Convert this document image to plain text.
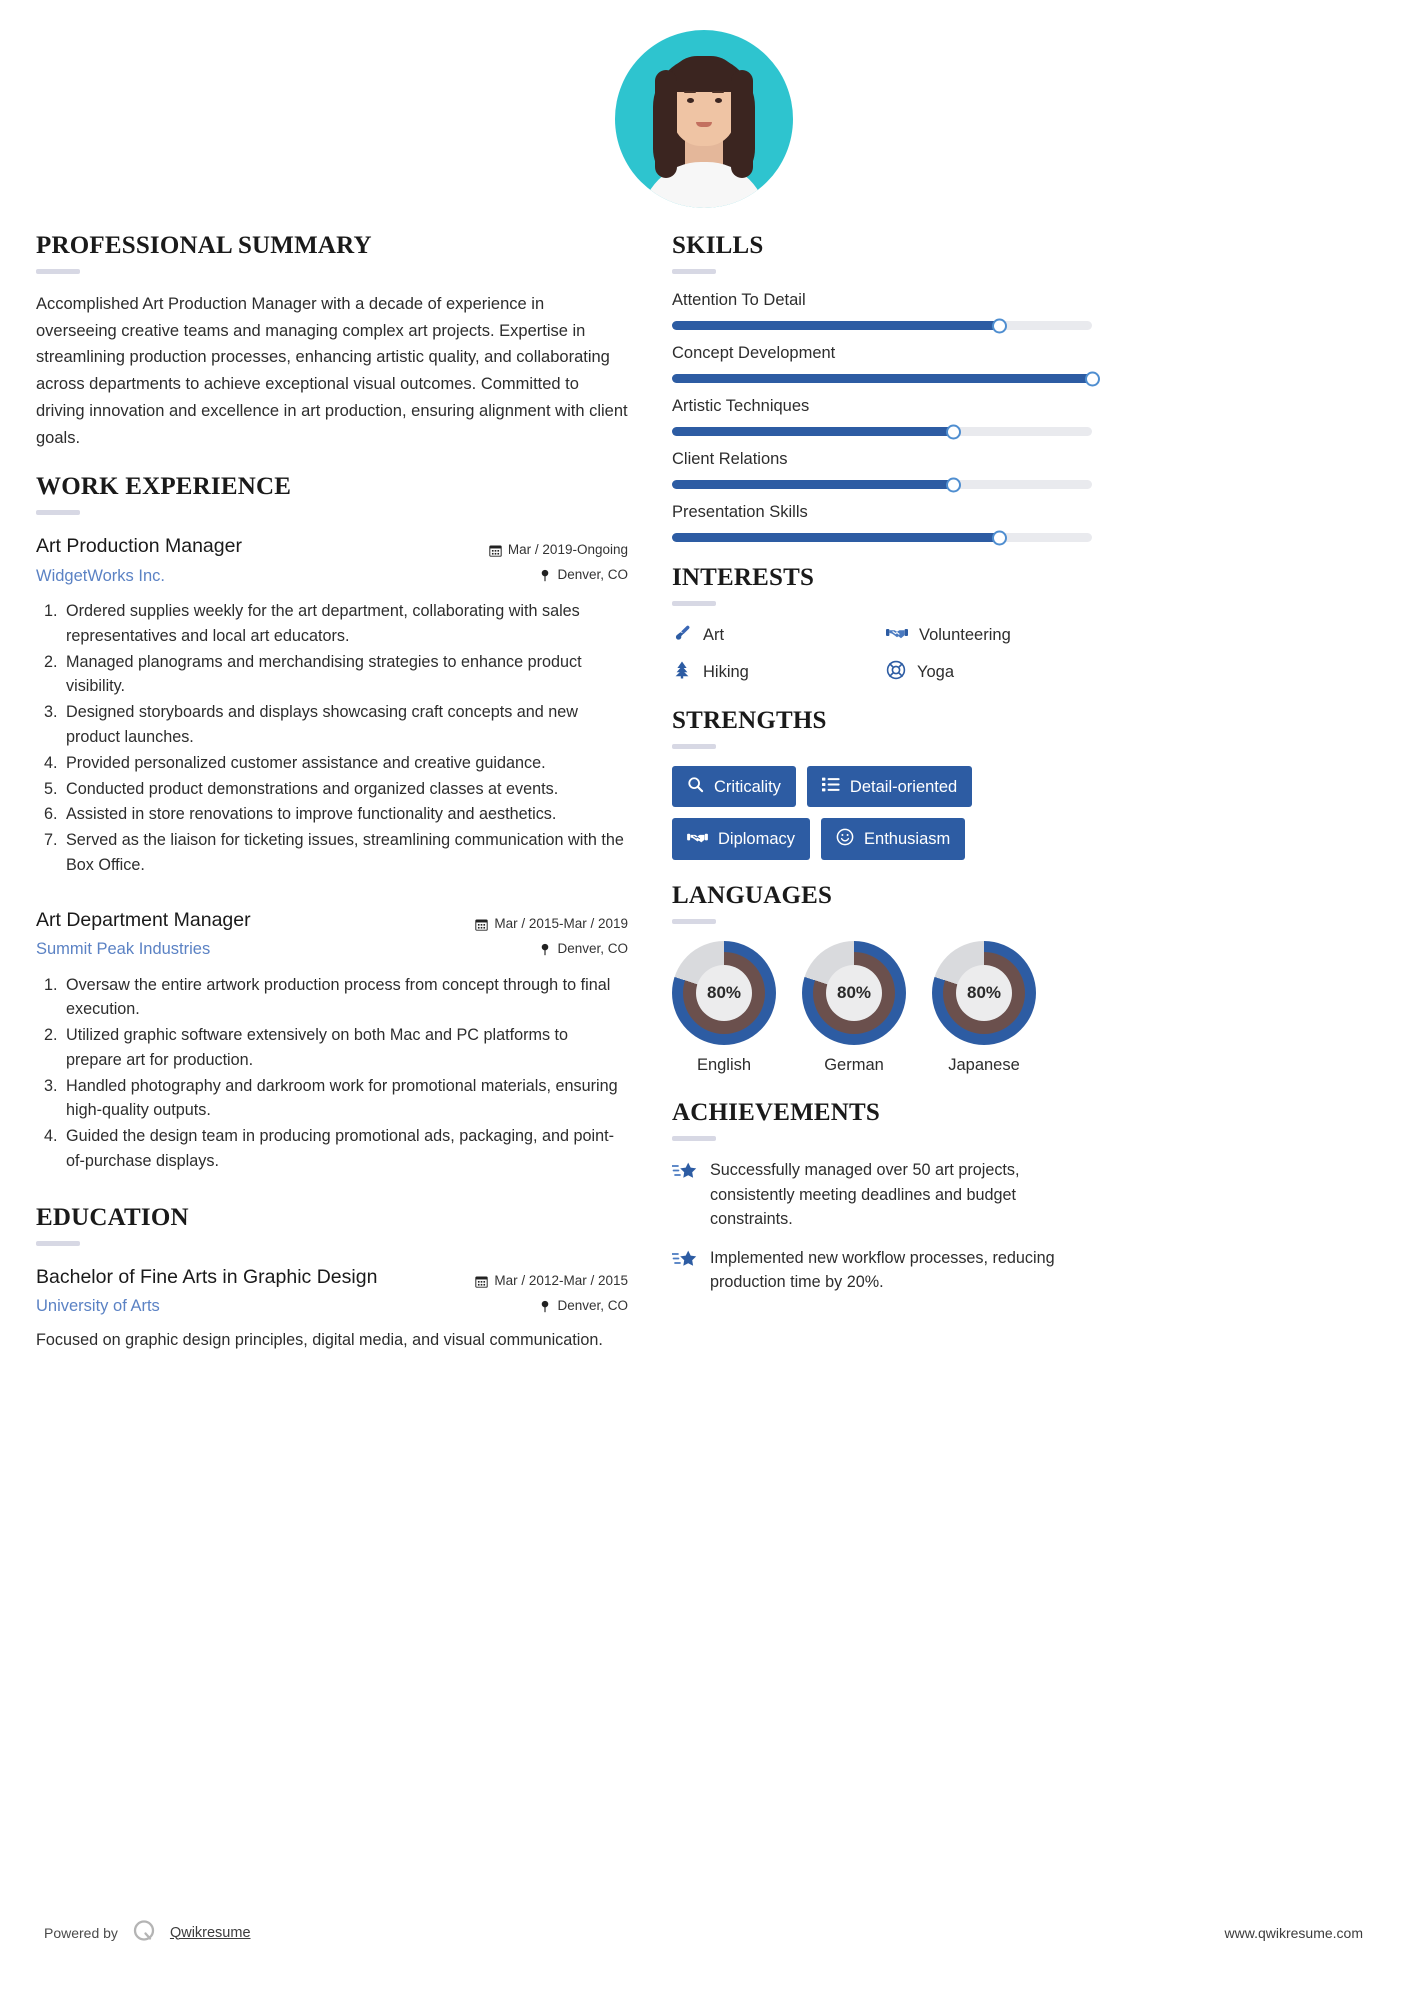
PROFESSIONAL SUMMARY
Accomplished Art Production Manager with a decade of experience in overseeing creative teams and managing complex art projects. Expertise in streamlining production processes, enhancing artistic quality, and collaborating across departments to achieve exceptional visual outcomes. Committed to driving innovation and excellence in art production, ensuring alignment with client goals.
WORK EXPERIENCE
Art Production Manager
WidgetWorks Inc.
Mar / 2019-Ongoing
Denver, CO
1. Ordered supplies weekly for the art department, collaborating with sales representatives and local art educators.
2. Managed planograms and merchandising strategies to enhance product visibility.
3. Designed storyboards and displays showcasing craft concepts and new product launches.
4. Provided personalized customer assistance and creative guidance.
5. Conducted product demonstrations and organized classes at events.
6. Assisted in store renovations to improve functionality and aesthetics.
7. Served as the liaison for ticketing issues, streamlining communication with the Box Office.
Art Department Manager
Summit Peak Industries
Mar / 2015-Mar / 2019
Denver, CO
1. Oversaw the entire artwork production process from concept through to final execution.
2. Utilized graphic software extensively on both Mac and PC platforms to prepare art for production.
3. Handled photography and darkroom work for promotional materials, ensuring high-quality outputs.
4. Guided the design team in producing promotional ads, packaging, and point-of-purchase displays.
EDUCATION
Bachelor of Fine Arts in Graphic Design
University of Arts
Mar / 2012-Mar / 2015
Denver, CO
Focused on graphic design principles, digital media, and visual communication.
SKILLS
Attention To Detail
Concept Development
Artistic Techniques
Client Relations
Presentation Skills
INTERESTS
Art	Volunteering
Hiking	Yoga
STRENGTHS
Criticality	Detail-oriented
Diplomacy	Enthusiasm
LANGUAGES
80%
English
80%
German
80%
Japanese
ACHIEVEMENTS
Successfully managed over 50 art projects, consistently meeting deadlines and budget constraints.
Implemented new workflow processes, reducing production time by 20%.
Powered by	Qwikresume	www.qwikresume.com
